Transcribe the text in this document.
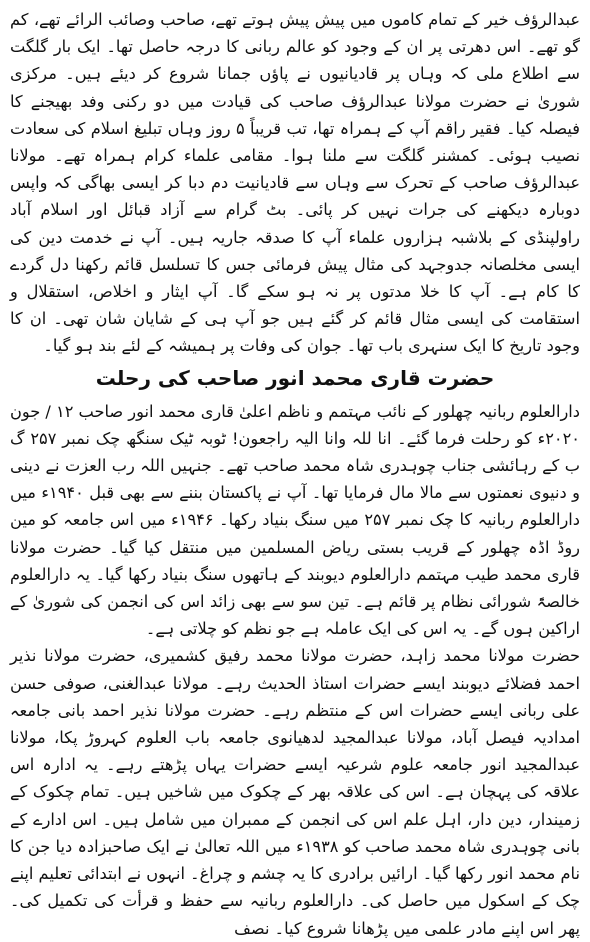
عبدالرؤف خیر کے تمام کاموں میں پیش پیش ہوتے تھے، صاحب وصائب الرائے تھے، کم گو تھے۔ اس دھرتی پر ان کے وجود کو عالم ربانی کا درجہ حاصل تھا۔ ایک بار گلگت سے اطلاع ملی کہ وہاں پر قادیانیوں نے پاؤں جمانا شروع کر دیئے ہیں۔ مرکزی شوریٰ نے حضرت مولانا عبدالرؤف صاحب کی قیادت میں دو رکنی وفد بھیجنے کا فیصلہ کیا۔ فقیر راقم آپ کے ہمراہ تھا، تب قریباً ۵ روز وہاں تبلیغ اسلام کی سعادت نصیب ہوئی۔ کمشنر گلگت سے ملنا ہوا۔ مقامی علماء کرام ہمراہ تھے۔ مولانا عبدالرؤف صاحب کے تحرک سے وہاں سے قادیانیت دم دبا کر ایسی بھاگی کہ واپس دوبارہ دیکھنے کی جرات نہیں کر پائی۔ بٹ گرام سے آزاد قبائل اور اسلام آباد راولپنڈی کے بلاشبہ ہزاروں علماء آپ کا صدقہ جاریہ ہیں۔ آپ نے خدمت دین کی ایسی مخلصانہ جدوجہد کی مثال پیش فرمائی جس کا تسلسل قائم رکھنا دل گردے کا کام ہے۔ آپ کا خلا مدتوں پر نہ ہو سکے گا۔ آپ ایثار و اخلاص، استقلال و استقامت کی ایسی مثال قائم کر گئے ہیں جو آپ ہی کے شایان شان تھی۔ ان کا وجود تاریخ کا ایک سنہری باب تھا۔ جوان کی وفات پر ہمیشہ کے لئے بند ہو گیا۔

حضرت قاری محمد انور صاحب کی رحلت

دارالعلوم ربانیہ چھلور کے نائب مہتمم و ناظم اعلیٰ قاری محمد انور صاحب ۱۲ / جون ۲۰۲۰ء کو رحلت فرما گئے۔ انا للہ وانا الیہ راجعون! ٹوبہ ٹیک سنگھ چک نمبر ۲۵۷ گ ب کے رہائشی جناب چوہدری شاہ محمد صاحب تھے۔ جنہیں اللہ رب العزت نے دینی و دنیوی نعمتوں سے مالا مال فرمایا تھا۔ آپ نے پاکستان بننے سے بھی قبل ۱۹۴۰ء میں دارالعلوم ربانیہ کا چک نمبر ۲۵۷ میں سنگ بنیاد رکھا۔ ۱۹۴۶ء میں اس جامعہ کو مین روڈ اڈہ چھلور کے قریب بستی ریاض المسلمین میں منتقل کیا گیا۔ حضرت مولانا قاری محمد طیب مہتمم دارالعلوم دیوبند کے ہاتھوں سنگ بنیاد رکھا گیا۔ یہ دارالعلوم خالصۃً شورائی نظام پر قائم ہے۔ تین سو سے بھی زائد اس کی انجمن کی شوریٰ کے اراکین ہوں گے۔ یہ اس کی ایک عاملہ ہے جو نظم کو چلاتی ہے۔

حضرت مولانا محمد زاہد، حضرت مولانا محمد رفیق کشمیری، حضرت مولانا نذیر احمد فضلائے دیوبند ایسے حضرات استاذ الحدیث رہے۔ مولانا عبدالغنی، صوفی حسن علی ربانی ایسے حضرات اس کے منتظم رہے۔ حضرت مولانا نذیر احمد بانی جامعہ امدادیہ فیصل آباد، مولانا عبدالمجید لدھیانوی جامعہ باب العلوم کہروڑ پکا، مولانا عبدالمجید انور جامعہ علوم شرعیہ ایسے حضرات یہاں پڑھتے رہے۔ یہ ادارہ اس علاقہ کی پہچان ہے۔ اس کی علاقہ بھر کے چکوک میں شاخیں ہیں۔ تمام چکوک کے زمیندار، دین دار، اہل علم اس کی انجمن کے ممبران میں شامل ہیں۔ اس ادارے کے بانی چوہدری شاہ محمد صاحب کو ۱۹۳۸ء میں اللہ تعالیٰ نے ایک صاحبزادہ دیا جن کا نام محمد انور رکھا گیا۔ ارائیں برادری کا یہ چشم و چراغ۔ انہوں نے ابتدائی تعلیم اپنے چک کے اسکول میں حاصل کی۔ دارالعلوم ربانیہ سے حفظ و قرأت کی تکمیل کی۔ پھر اس اپنے مادر علمی میں پڑھانا شروع کیا۔ نصف
